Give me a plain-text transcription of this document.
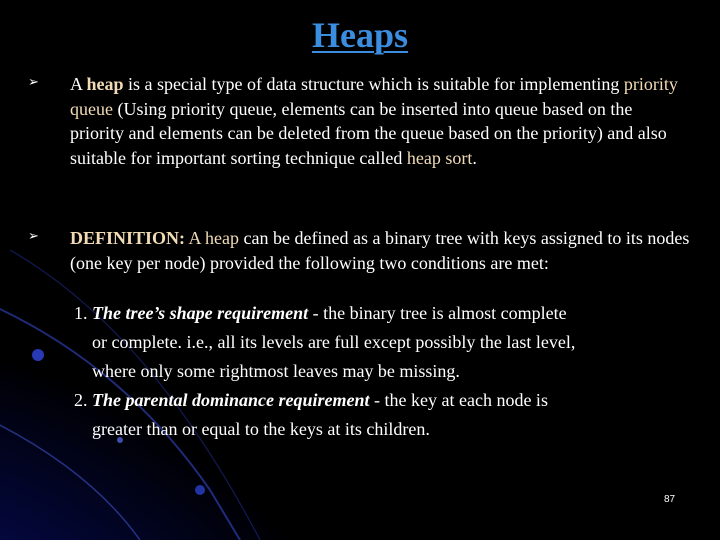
Heaps
➢ A heap is a special type of data structure which is suitable for implementing priority queue (Using priority queue, elements can be inserted into queue based on the priority and elements can be deleted from the queue based on the priority) and also suitable for important sorting technique called heap sort.
➢ DEFINITION: A heap can be defined as a binary tree with keys assigned to its nodes (one key per node) provided the following two conditions are met:
1. The tree’s shape requirement - the binary tree is almost complete
or complete. i.e., all its levels are full except possibly the last level,
where only some rightmost leaves may be missing.
2. The parental dominance requirement - the key at each node is
greater than or equal to the keys at its children.
87
